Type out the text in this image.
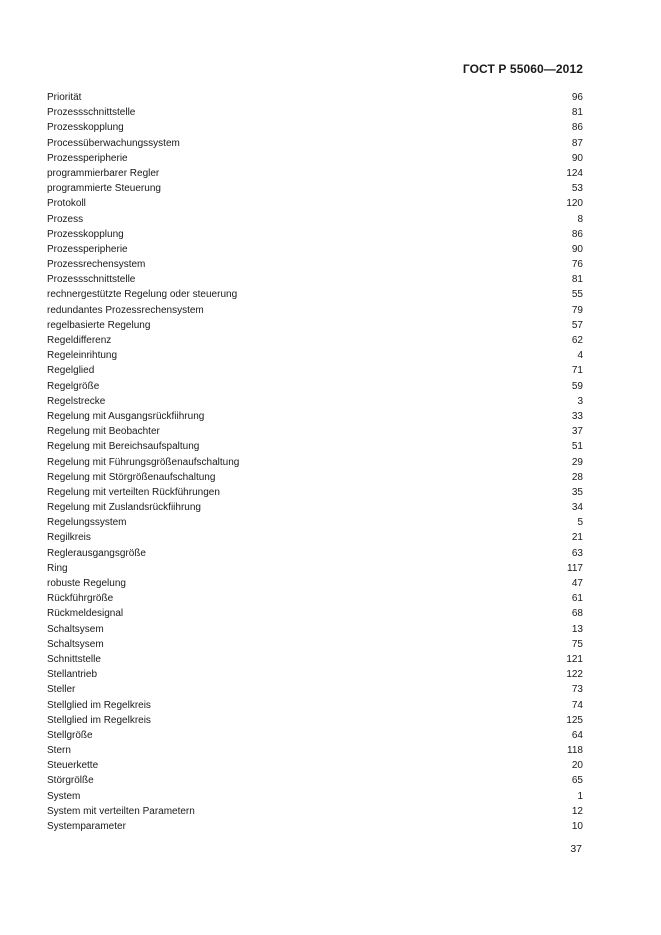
ГОСТ Р 55060—2012
Priorität	96
Prozessschnittstelle	81
Prozesskopplung	86
Processüberwachungssystem	87
Prozessperipherie	90
programmierbarer Regler	124
programmierte Steuerung	53
Protokoll	120
Prozess	8
Prozesskopplung	86
Prozessperipherie	90
Prozessrechensystem	76
Prozessschnittstelle	81
rechnergestützte Regelung oder steuerung	55
redundantes Prozessrechensystem	79
regelbasierte Regelung	57
Regeldifferenz	62
Regeleinrihtung	4
Regelglied	71
Regelgröße	59
Regelstrecke	3
Regelung mit Ausgangsrückfiihrung	33
Regelung mit Beobachter	37
Regelung mit Bereichsaufspaltung	51
Regelung mit Führungsgrößenaufschaltung	29
Regelung mit Störgrößenaufschaltung	28
Regelung mit verteilten Rückführungen	35
Regelung mit Zuslandsrückfiihrung	34
Regelungssystem	5
Regilkreis	21
Reglerausgangsgröße	63
Ring	117
robuste Regelung	47
Rückführgröße	61
Rückmeldesignal	68
Schaltsysem	13
Schaltsysem	75
Schnittstelle	121
Stellantrieb	122
Steller	73
Stellglied im Regelkreis	74
Stellglied im Regelkreis	125
Stellgröße	64
Stern	118
Steuerkette	20
Störgrölße	65
System	1
System mit verteilten Parametern	12
Systemparameter	10
37
